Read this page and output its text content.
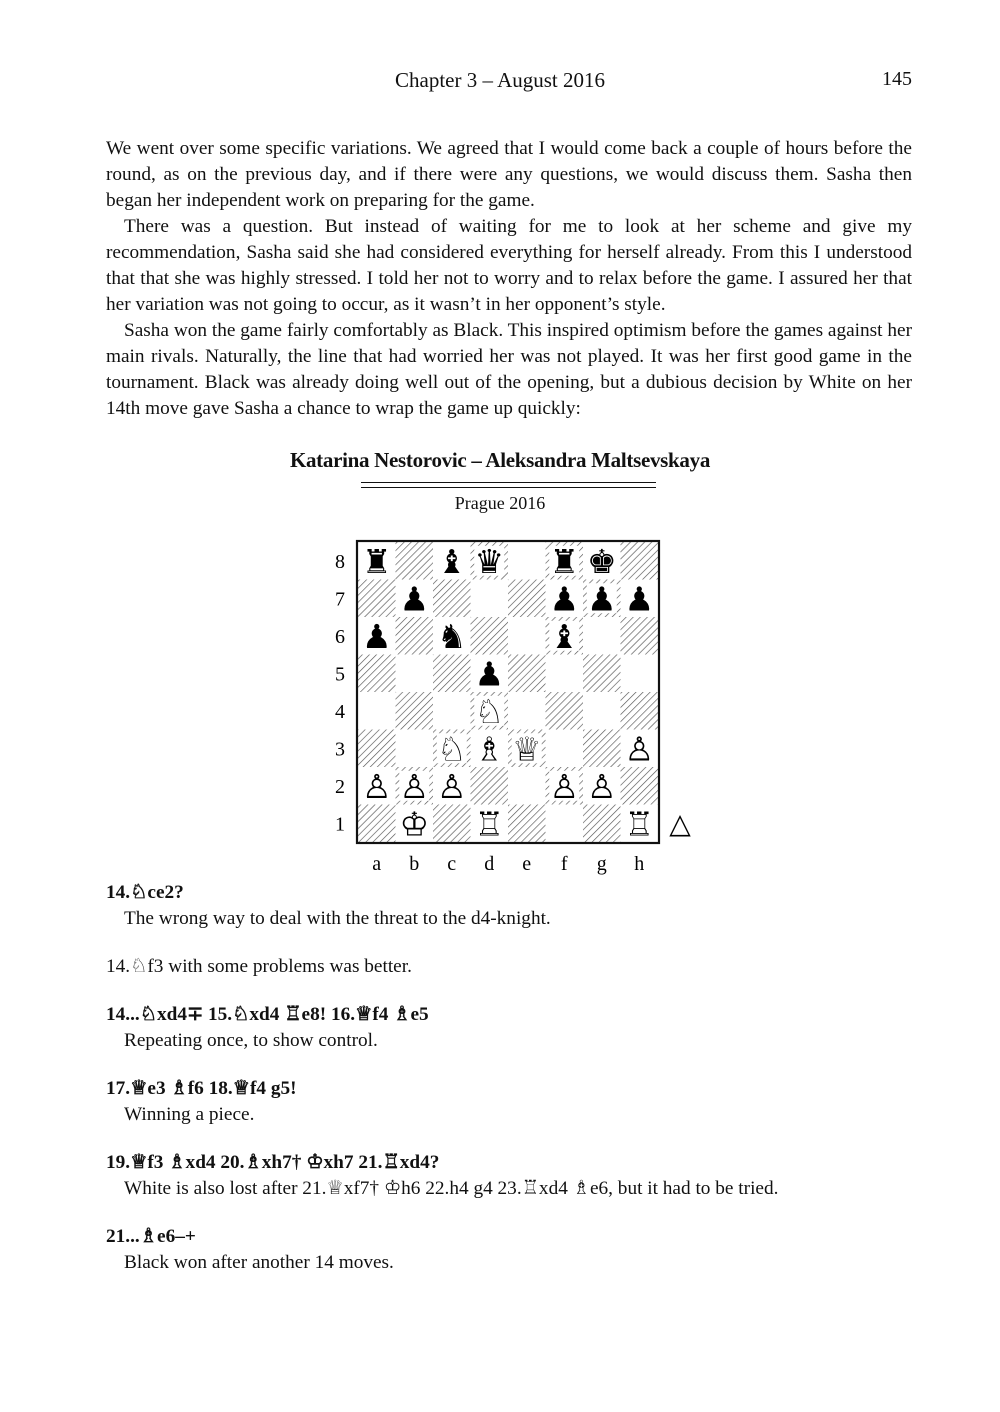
Chapter 3 – August 2016	145

We went over some specific variations. We agreed that I would come back a couple of hours before the round, as on the previous day, and if there were any questions, we would discuss them. Sasha then began her independent work on preparing for the game.

There was a question. But instead of waiting for me to look at her scheme and give my recommendation, Sasha said she had considered everything for herself already. From this I understood that that she was highly stressed. I told her not to worry and to relax before the game. I assured her that her variation was not going to occur, as it wasn’t in her opponent’s style.

Sasha won the game fairly comfortably as Black. This inspired optimism before the games against her main rivals. Naturally, the line that had worried her was not played. It was her first good game in the tournament. Black was already doing well out of the opening, but a dubious decision by White on her 14th move gave Sasha a chance to wrap the game up quickly:

Katarina Nestorovic – Aleksandra Maltsevskaya
Prague 2016
8
7
6
5
4
3
2
1
a b c d e f g h
♜ ♝ ♛ ♜ ♚
♟	♟ ♟ ♟
♟ ♞	♝
♟
♘
♘ ♗ ♕	♙
♙ ♙ ♙	♙ ♙
♔ ♖	♖ △
14.♘ce2?
The wrong way to deal with the threat to the d4-knight.
14.♘f3 with some problems was better.
14...♘xd4∓ 15.♘xd4 ♖e8! 16.♕f4 ♗e5
Repeating once, to show control.
17.♕e3 ♗f6 18.♕f4 g5!
Winning a piece.
19.♕f3 ♗xd4 20.♗xh7† ♔xh7 21.♖xd4?
White is also lost after 21.♕xf7† ♔h6 22.h4 g4 23.♖xd4 ♗e6, but it had to be tried.
21...♗e6–+
Black won after another 14 moves.
